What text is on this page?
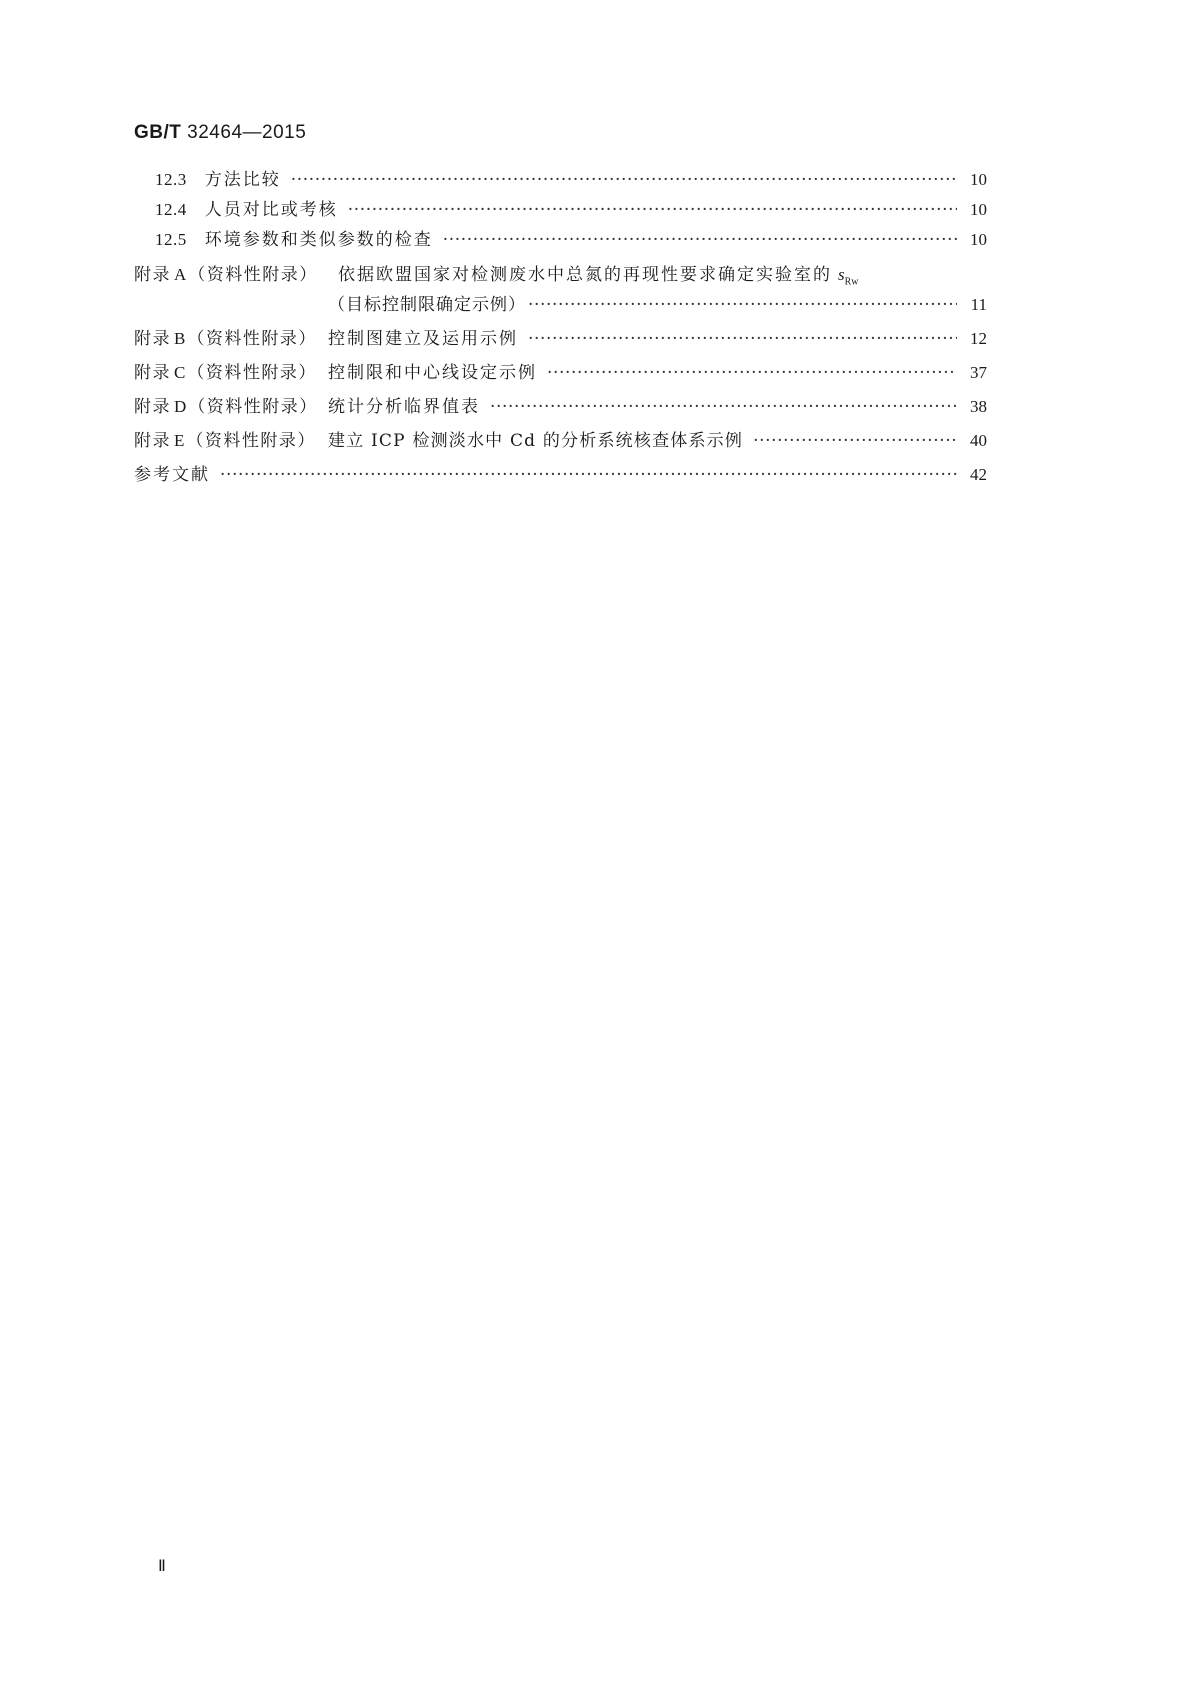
GB/T 32464—2015
12.3 方法比较 ·····	10
12.4 人员对比或考核 ·····	10
12.5 环境参数和类似参数的检查 ·····	10
附录 A （资料性附录） 依据欧盟国家对检测废水中总氮的再现性要求确定实验室的 $s_{Rw}$
（目标控制限确定示例） ·····	11
附录 B （资料性附录） 控制图建立及运用示例 ·····	12
附录 C （资料性附录） 控制限和中心线设定示例 ·····	37
附录 D （资料性附录） 统计分析临界值表 ·····	38
附录 E （资料性附录） 建立 ICP 检测淡水中 Cd 的分析系统核查体系示例 ·····	40
参考文献 ·····	42
Ⅱ
